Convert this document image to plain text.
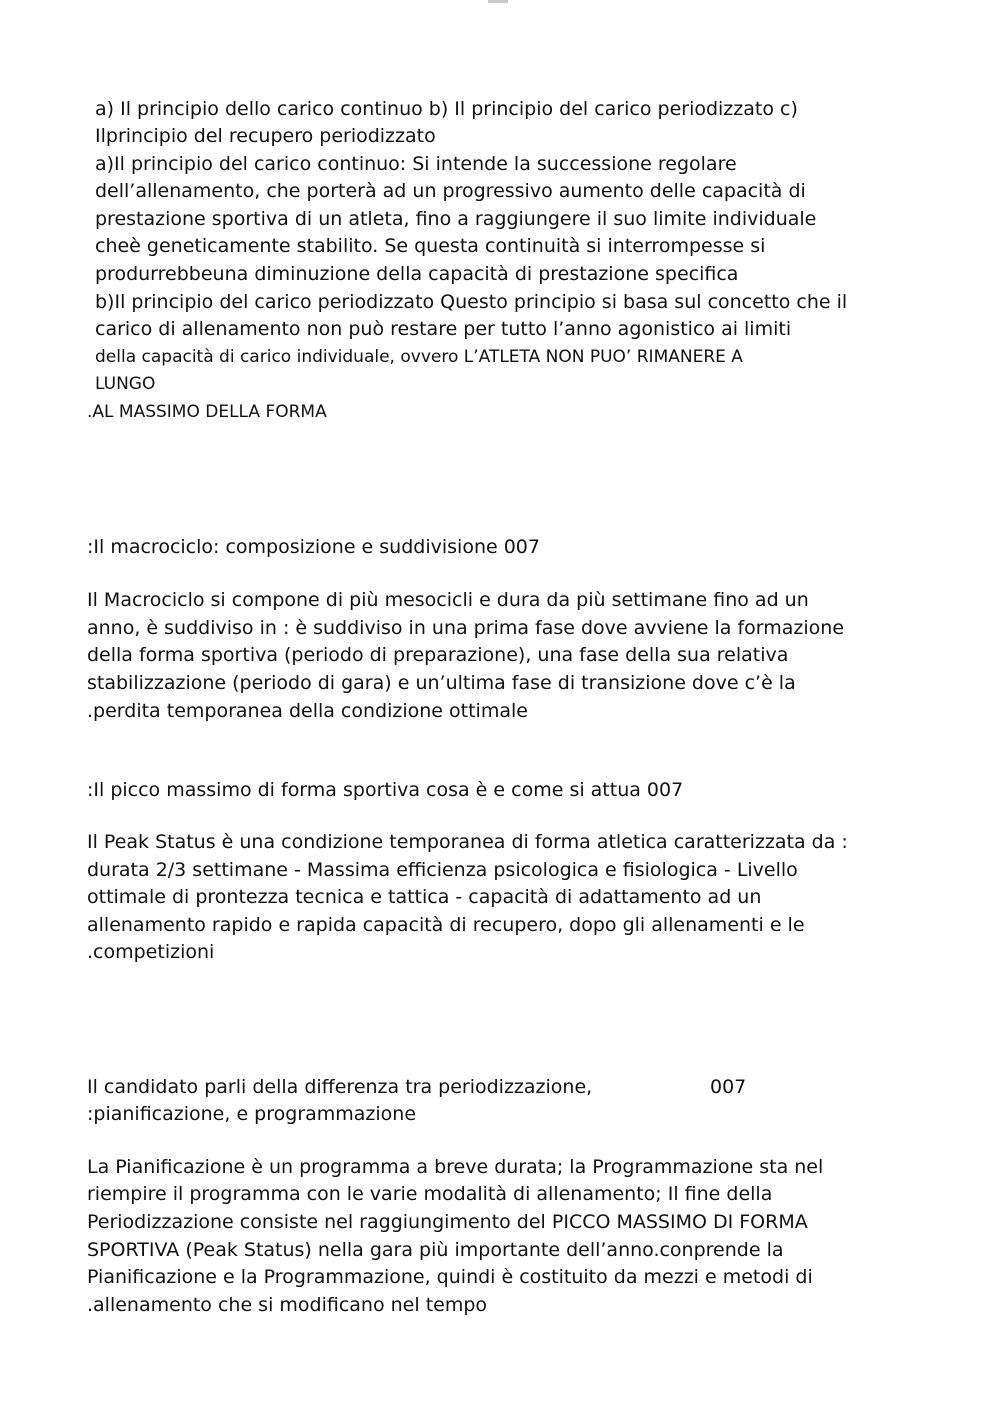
a) Il principio dello carico continuo b) Il principio del carico periodizzato c)
Ilprincipio del recupero periodizzato
a)Il principio del carico continuo: Si intende la successione regolare
dell’allenamento, che porterà ad un progressivo aumento delle capacità di
prestazione sportiva di un atleta, fino a raggiungere il suo limite individuale
cheè geneticamente stabilito. Se questa continuità si interrompesse si
produrrebbeuna diminuzione della capacità di prestazione specifica
b)Il principio del carico periodizzato Questo principio si basa sul concetto che il
carico di allenamento non può restare per tutto l’anno agonistico ai limiti
della capacità di carico individuale, ovvero L’ATLETA NON PUO’ RIMANERE A
LUNGO
.AL MASSIMO DELLA FORMA
:Il macrociclo: composizione e suddivisione 007
Il Macrociclo si compone di più mesocicli e dura da più settimane fino ad un
anno, è suddiviso in : è suddiviso in una prima fase dove avviene la formazione
della forma sportiva (periodo di preparazione), una fase della sua relativa
stabilizzazione (periodo di gara) e un’ultima fase di transizione dove c’è la
.perdita temporanea della condizione ottimale
:Il picco massimo di forma sportiva cosa è e come si attua 007
Il Peak Status è una condizione temporanea di forma atletica caratterizzata da :
durata 2/3 settimane - Massima efficienza psicologica e fisiologica - Livello
ottimale di prontezza tecnica e tattica - capacità di adattamento ad un
allenamento rapido e rapida capacità di recupero, dopo gli allenamenti e le
.competizioni
Il candidato parli della differenza tra periodizzazione,	007
:pianificazione, e programmazione
La Pianificazione è un programma a breve durata; la Programmazione sta nel
riempire il programma con le varie modalità di allenamento; Il fine della
Periodizzazione consiste nel raggiungimento del PICCO MASSIMO DI FORMA
SPORTIVA (Peak Status) nella gara più importante dell’anno.conprende la
Pianificazione e la Programmazione, quindi è costituito da mezzi e metodi di
.allenamento che si modificano nel tempo
